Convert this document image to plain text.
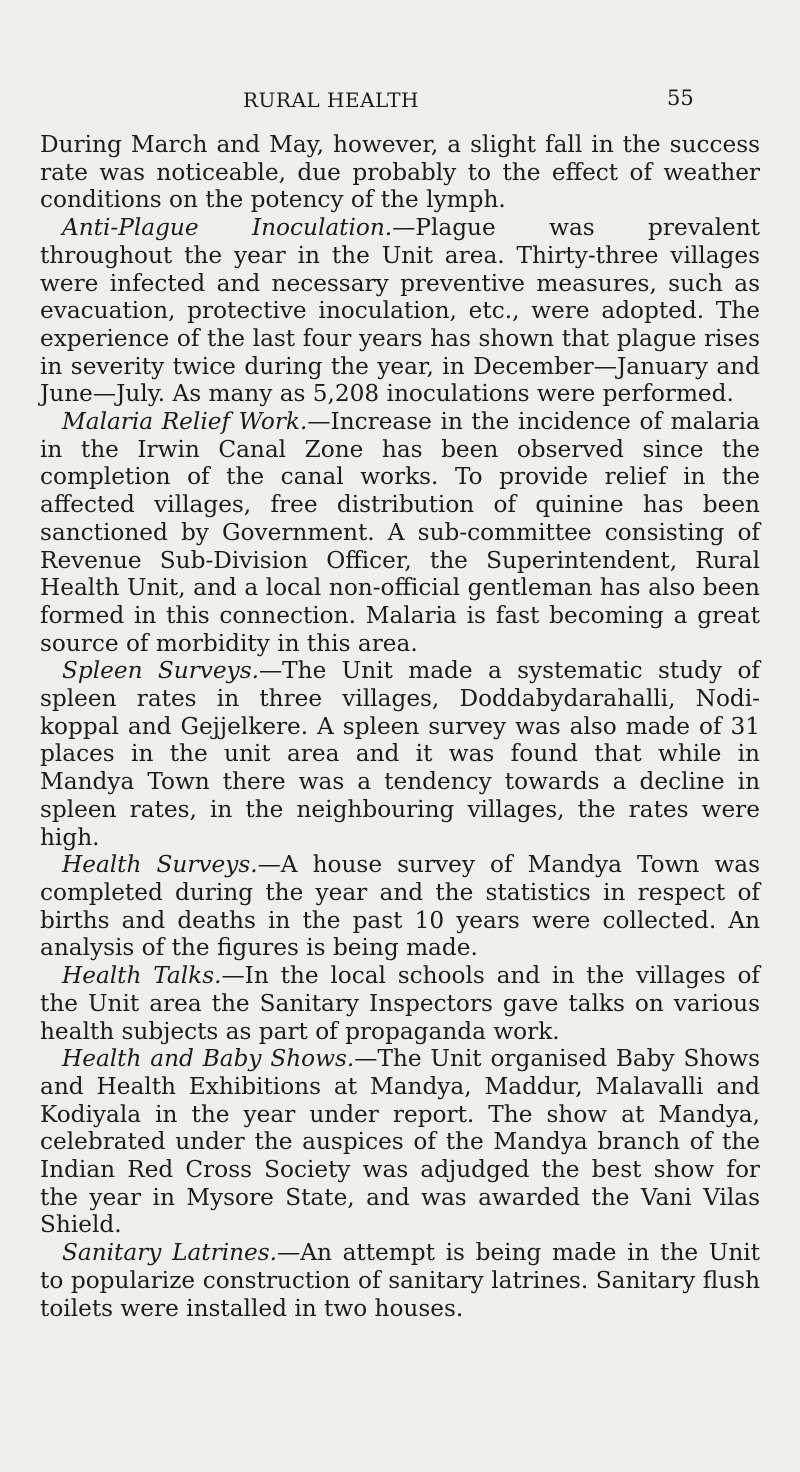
RURAL HEALTH	55

During March and May, however, a slight fall in the success rate was noticeable, due probably to the effect of weather conditions on the potency of the lymph.

Anti-Plague Inoculation.—Plague was prevalent throughout the year in the Unit area. Thirty-three villages were infected and necessary preventive measures, such as evacuation, protective inoculation, etc., were adopted. The experience of the last four years has shown that plague rises in severity twice during the year, in December—January and June—July. As many as 5,208 inoculations were performed.

Malaria Relief Work.—Increase in the incidence of malaria in the Irwin Canal Zone has been observed since the completion of the canal works. To provide relief in the affected villages, free distribution of quinine has been sanctioned by Government. A sub-committee consisting of Revenue Sub-Division Officer, the Superintendent, Rural Health Unit, and a local non-official gentleman has also been formed in this connection. Malaria is fast becoming a great source of morbidity in this area.

Spleen Surveys.—The Unit made a systematic study of spleen rates in three villages, Doddabydarahalli, Nodi-koppal and Gejjelkere. A spleen survey was also made of 31 places in the unit area and it was found that while in Mandya Town there was a tendency towards a decline in spleen rates, in the neighbouring villages, the rates were high.

Health Surveys.—A house survey of Mandya Town was completed during the year and the statistics in respect of births and deaths in the past 10 years were collected. An analysis of the figures is being made.

Health Talks.—In the local schools and in the villages of the Unit area the Sanitary Inspectors gave talks on various health subjects as part of propaganda work.

Health and Baby Shows.—The Unit organised Baby Shows and Health Exhibitions at Mandya, Maddur, Malavalli and Kodiyala in the year under report. The show at Mandya, celebrated under the auspices of the Mandya branch of the Indian Red Cross Society was adjudged the best show for the year in Mysore State, and was awarded the Vani Vilas Shield.

Sanitary Latrines.—An attempt is being made in the Unit to popularize construction of sanitary latrines. Sanitary flush toilets were installed in two houses.
